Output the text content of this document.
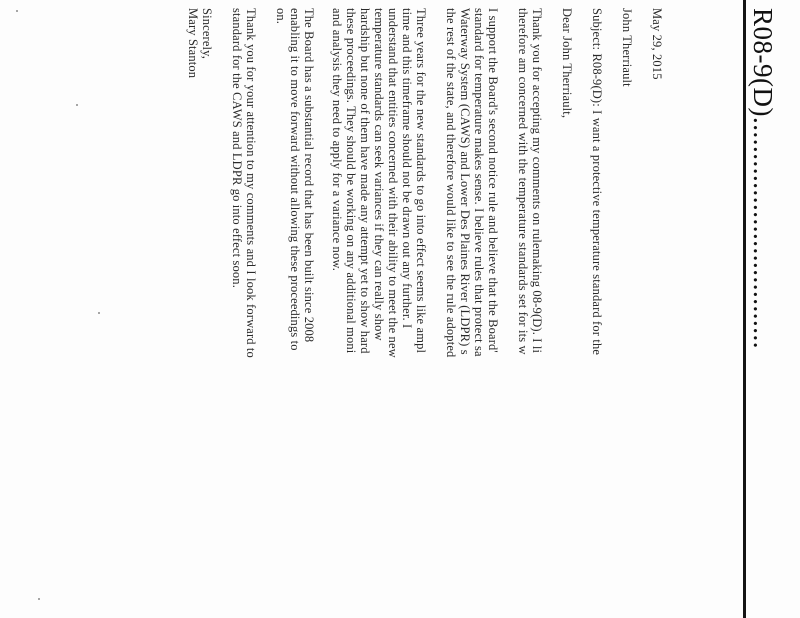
R08-9(D)................................
May 29, 2015
John Therriault
Subject: R08-9(D): I want a protective temperature standard for the
Dear John Therriault,
Thank you for accepting my comments on rulemaking 08-9(D). I li
therefore am concerned with the temperature standards set for its w
I support the Board's second notice rule and believe that the Board'
standard for temperature makes sense. I believe rules that protect sa
Waterway System (CAWS) and Lower Des Plaines River (LDPR) s
the rest of the state, and therefore would like to see the rule adopted
Three years for the new standards to go into effect seems like ampl
time and this timeframe should not be drawn out any further. I
understand that entities concerned with their ability to meet the new
temperature standards can seek variances if they can really show
hardship but none of them have made any attempt yet to show hard
these proceedings. They should be working on any additional moni
and analysis they need to apply for a variance now.
The Board has a substantial record that has been built since 2008
enabling it to move forward without allowing these proceedings to
on.
Thank you for your attention to my comments and I look forward to
standard for the CAWS and LDPR go into effect soon.
Sincerely,
Mary Stanton
